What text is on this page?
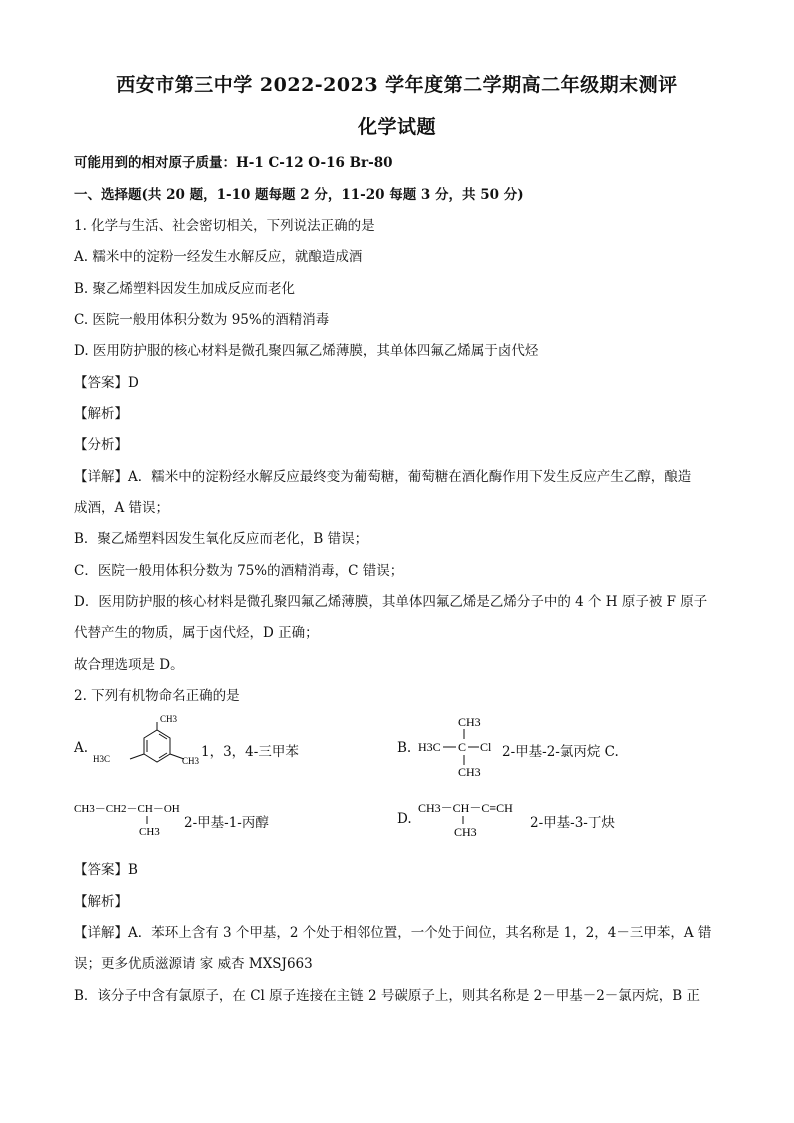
西安市第三中学 2022-2023 学年度第二学期高二年级期末测评
化学试题
可能用到的相对原子质量：H-1 C-12 O-16 Br-80
一、选择题(共 20 题，1-10 题每题 2 分，11-20 每题 3 分，共 50 分)
1. 化学与生活、社会密切相关，下列说法正确的是
A. 糯米中的淀粉一经发生水解反应，就酿造成酒
B. 聚乙烯塑料因发生加成反应而老化
C. 医院一般用体积分数为 95%的酒精消毒
D. 医用防护服的核心材料是微孔聚四氟乙烯薄膜，其单体四氟乙烯属于卤代烃
【答案】D
【解析】
【分析】
【详解】A．糯米中的淀粉经水解反应最终变为葡萄糖，葡萄糖在酒化酶作用下发生反应产生乙醇，酿造
成酒，A 错误；
B．聚乙烯塑料因发生氧化反应而老化，B 错误；
C．医院一般用体积分数为 75%的酒精消毒，C 错误；
D．医用防护服的核心材料是微孔聚四氟乙烯薄膜，其单体四氟乙烯是乙烯分子中的 4 个 H 原子被 F 原子
代替产生的物质，属于卤代烃，D 正确；
故合理选项是 D。
2. 下列有机物命名正确的是
A.
CH3
H3C	CH3
1，3，4-三甲苯	B.
CH3
H3C C Cl
CH3
2-甲基-2-氯丙烷 C.
CH3－CH2－CH－OH
CH3
2-甲基-1-丙醇	D.
CH3－CH－C≡CH
CH3
2-甲基-3-丁炔
【答案】B
【解析】
【详解】A．苯环上含有 3 个甲基，2 个处于相邻位置，一个处于间位，其名称是 1，2，4－三甲苯，A 错
误；更多优质滋源请 家 威杏 MXSJ663
B．该分子中含有氯原子，在 Cl 原子连接在主链 2 号碳原子上，则其名称是 2－甲基－2－氯丙烷，B 正
